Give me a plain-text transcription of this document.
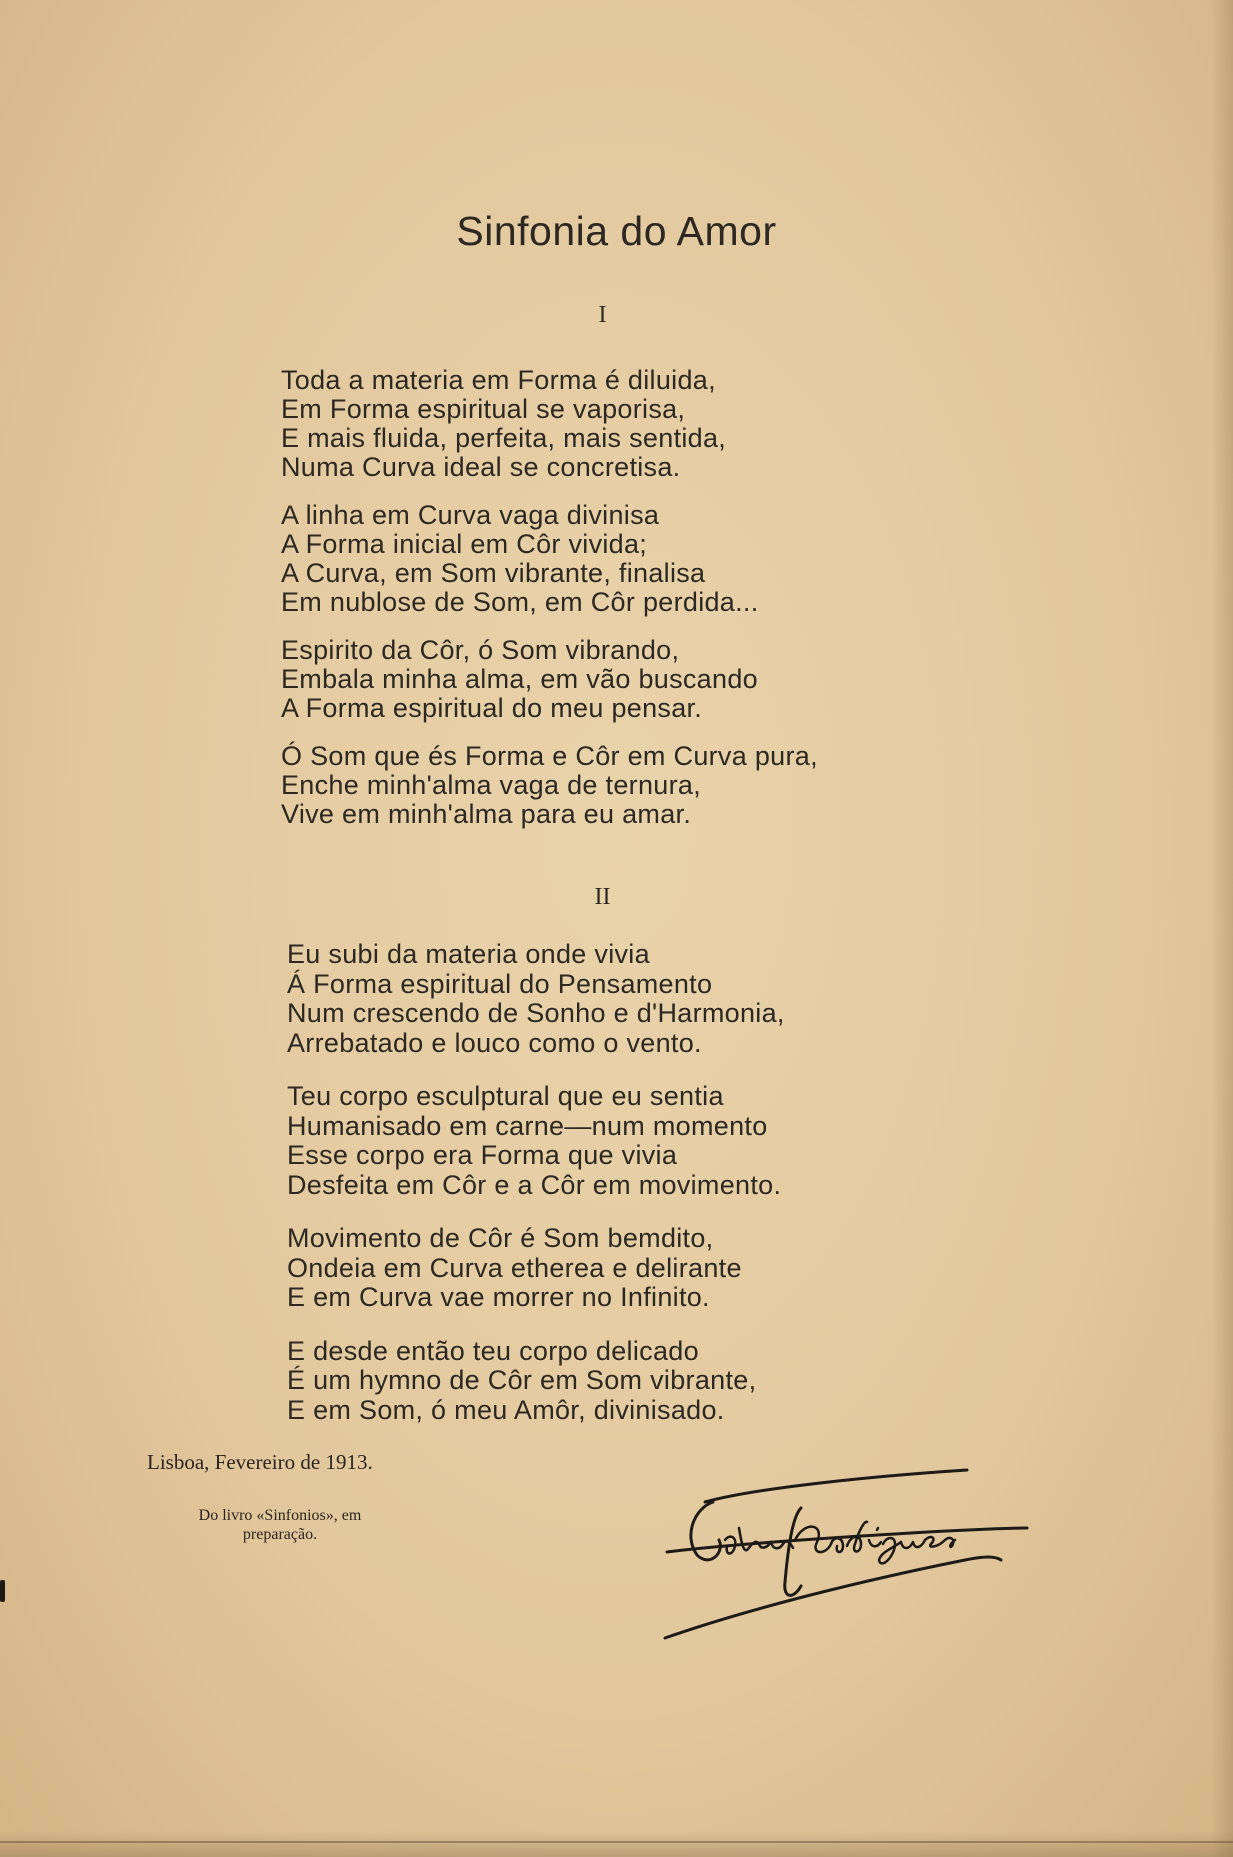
Sinfonia do Amor
I
Toda a materia em Forma é diluida,
Em Forma espiritual se vaporisa,
E mais fluida, perfeita, mais sentida,
Numa Curva ideal se concretisa.
A linha em Curva vaga divinisa
A Forma inicial em Côr vivida;
A Curva, em Som vibrante, finalisa
Em nublose de Som, em Côr perdida...
Espirito da Côr, ó Som vibrando,
Embala minha alma, em vão buscando
A Forma espiritual do meu pensar.
Ó Som que és Forma e Côr em Curva pura,
Enche minh'alma vaga de ternura,
Vive em minh'alma para eu amar.
II
Eu subi da materia onde vivia
Á Forma espiritual do Pensamento
Num crescendo de Sonho e d'Harmonia,
Arrebatado e louco como o vento.
Teu corpo esculptural que eu sentia
Humanisado em carne—num momento
Esse corpo era Forma que vivia
Desfeita em Côr e a Côr em movimento.
Movimento de Côr é Som bemdito,
Ondeia em Curva etherea e delirante
E em Curva vae morrer no Infinito.
E desde então teu corpo delicado
É um hymno de Côr em Som vibrante,
E em Som, ó meu Amôr, divinisado.
Lisboa, Fevereiro de 1913.
Do livro «Sinfonios», em
preparação.
Côrtes Rodrigues
